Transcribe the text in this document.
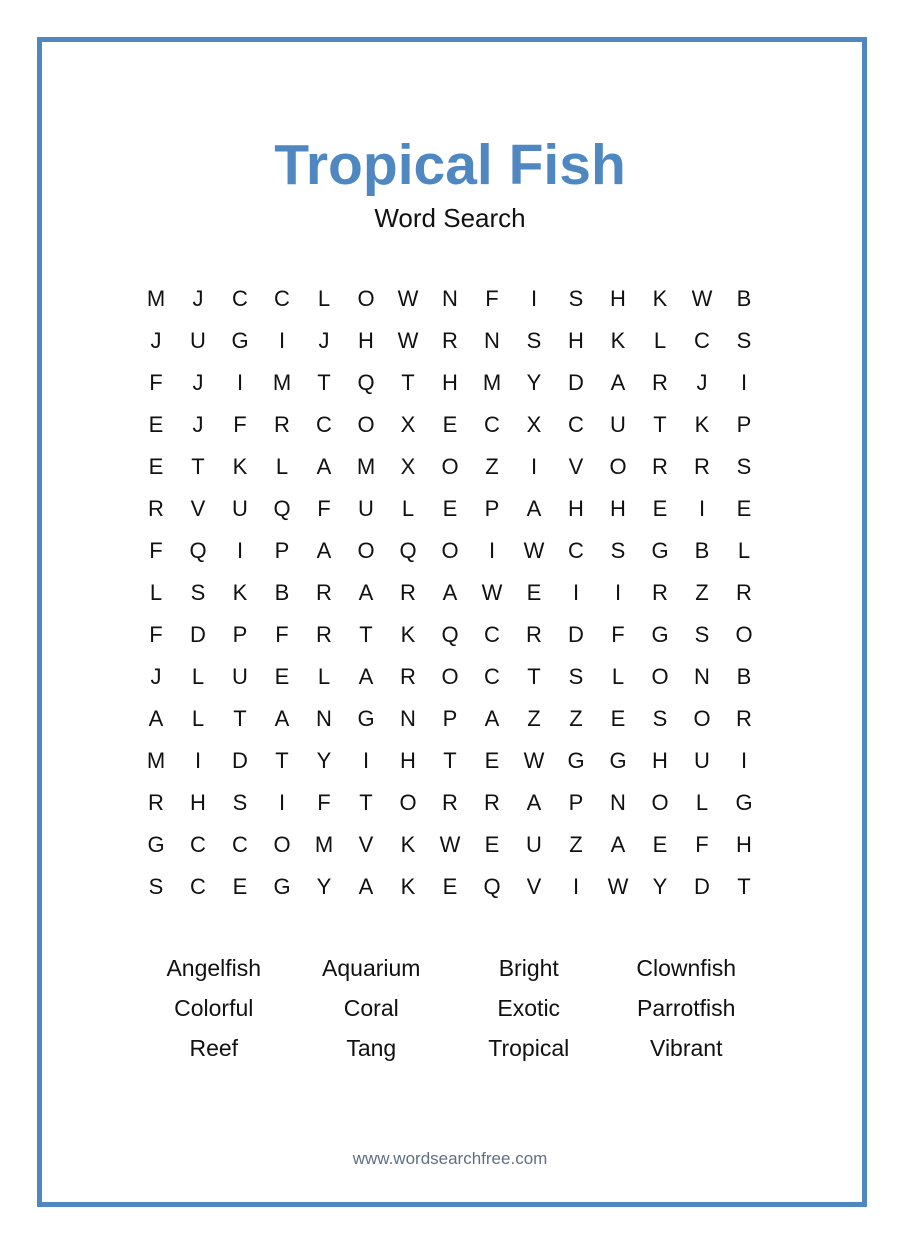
Tropical Fish
Word Search
M	J	C	C	L	O	W	N	F	I	S	H	K	W	B
J	U	G	I	J	H	W	R	N	S	H	K	L	C	S
F	J	I	M	T	Q	T	H	M	Y	D	A	R	J	I
E	J	F	R	C	O	X	E	C	X	C	U	T	K	P
E	T	K	L	A	M	X	O	Z	I	V	O	R	R	S
R	V	U	Q	F	U	L	E	P	A	H	H	E	I	E
F	Q	I	P	A	O	Q	O	I	W	C	S	G	B	L
L	S	K	B	R	A	R	A	W	E	I	I	R	Z	R
F	D	P	F	R	T	K	Q	C	R	D	F	G	S	O
J	L	U	E	L	A	R	O	C	T	S	L	O	N	B
A	L	T	A	N	G	N	P	A	Z	Z	E	S	O	R
M	I	D	T	Y	I	H	T	E	W	G	G	H	U	I
R	H	S	I	F	T	O	R	R	A	P	N	O	L	G
G	C	C	O	M	V	K	W	E	U	Z	A	E	F	H
S	C	E	G	Y	A	K	E	Q	V	I	W	Y	D	T
Angelfish	Aquarium	Bright	Clownfish
Colorful	Coral	Exotic	Parrotfish
Reef	Tang	Tropical	Vibrant
www.wordsearchfree.com
